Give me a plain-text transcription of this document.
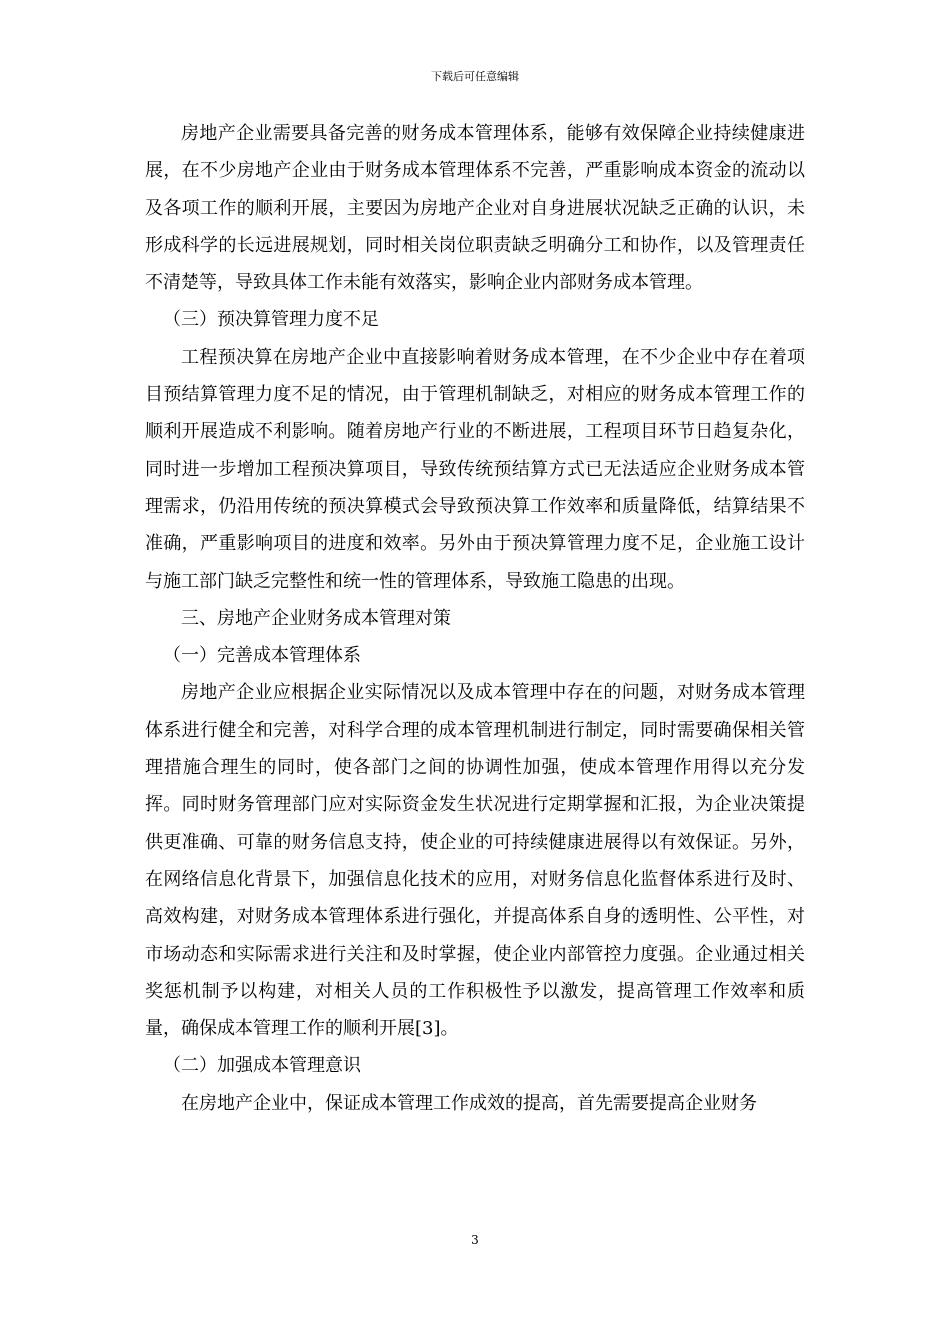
下载后可任意编辑

房地产企业需要具备完善的财务成本管理体系，能够有效保障企业持续健康进展，在不少房地产企业由于财务成本管理体系不完善，严重影响成本资金的流动以及各项工作的顺利开展，主要因为房地产企业对自身进展状况缺乏正确的认识，未形成科学的长远进展规划，同时相关岗位职责缺乏明确分工和协作，以及管理责任不清楚等，导致具体工作未能有效落实，影响企业内部财务成本管理。

（三）预决算管理力度不足

工程预决算在房地产企业中直接影响着财务成本管理，在不少企业中存在着项目预结算管理力度不足的情况，由于管理机制缺乏，对相应的财务成本管理工作的顺利开展造成不利影响。随着房地产行业的不断进展，工程项目环节日趋复杂化，同时进一步增加工程预决算项目，导致传统预结算方式已无法适应企业财务成本管理需求，仍沿用传统的预决算模式会导致预决算工作效率和质量降低，结算结果不准确，严重影响项目的进度和效率。另外由于预决算管理力度不足，企业施工设计与施工部门缺乏完整性和统一性的管理体系，导致施工隐患的出现。

三、房地产企业财务成本管理对策

（一）完善成本管理体系

房地产企业应根据企业实际情况以及成本管理中存在的问题，对财务成本管理体系进行健全和完善，对科学合理的成本管理机制进行制定，同时需要确保相关管理措施合理生的同时，使各部门之间的协调性加强，使成本管理作用得以充分发挥。同时财务管理部门应对实际资金发生状况进行定期掌握和汇报，为企业决策提供更准确、可靠的财务信息支持，使企业的可持续健康进展得以有效保证。另外，在网络信息化背景下，加强信息化技术的应用，对财务信息化监督体系进行及时、高效构建，对财务成本管理体系进行强化，并提高体系自身的透明性、公平性，对市场动态和实际需求进行关注和及时掌握，使企业内部管控力度强。企业通过相关奖惩机制予以构建，对相关人员的工作积极性予以激发，提高管理工作效率和质量，确保成本管理工作的顺利开展[3]。

（二）加强成本管理意识

在房地产企业中，保证成本管理工作成效的提高，首先需要提高企业财务

3
